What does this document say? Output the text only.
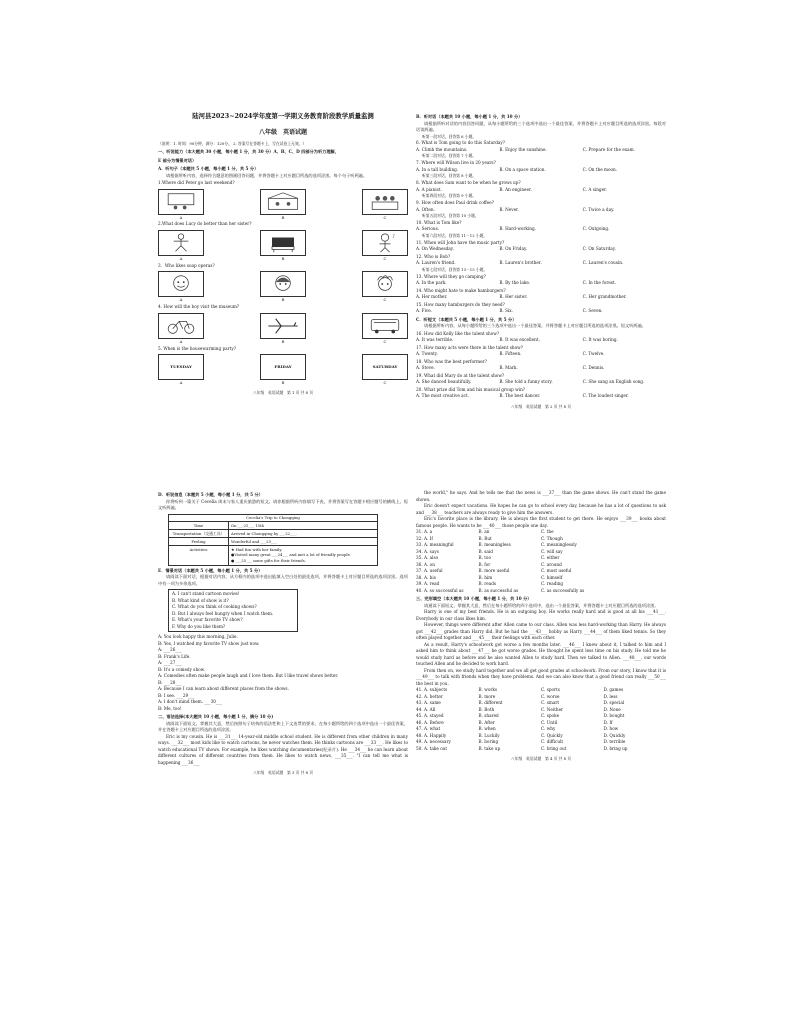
陆河县2023~2024学年度第一学期义务教育阶段教学质量监测
八年级　英语试题
（说明：1. 时间：90分钟，满分：120分。 2. 答案写在答题卡上，写在试卷上无效。）
一、听说能力（本大题共 30 小题，每小题 1 分，共 30 分）A、B、C、D 四部分为听力理解，
E 部分为情景对话）
A．听句子（本题共 5 小题，每小题 1 分，共 5 分）
请根据所听内容，选择符合题意的图画回答问题，并将答题卡上对应题目所选的选项涂黑。每个句子听两遍。
1.Where did Peter go last weekend?
A	B	C
2.What does Lucy do better than her sister?
A	B
♪
C
3．Who likes soap operas?
A	B	C
4. How will the boy visit the museum?
A	B	C
5. When is the housewarming party?
TUESDAY
A
FRIDAY
B
SATURDAY
C
八年级　英语试题　第 1 页 共 8 页
B．听对话（本题共 10 小题，每小题 1 分，共 10 分）
请根据所听对话的内容回答问题，从每小题所给的三个选项中选出一个最佳答案，并将答题卡上对应题目所选的选项涂黑。每段对话读两遍。
听第一段对话，回答第 6 小题。
6. What is Tom going to do this Saturday?
A. Climb the mountains.	B. Enjoy the sunshine.	C. Prepare for the exam.
听第二段对话，回答第 7 小题。
7. Where will Wilson live in 20 years?
A. In a tall building.	B. On a space station.	C. On the moon.
听第三段对话，回答第 8 小题。
8. What does Sam want to be when he grows up?
A. A pianist.	B. An engineer.	C. A singer.
听第四段对话，回答第 9 小题。
9. How often does Paul drink coffee?
A. Often.	B. Never.	C. Twice a day.
听第五段对话，回答第 10 小题。
10. What is Tom like?
A. Serious.	B. Hard-working.	C. Outgoing.
听第六段对话，回答第 11－12 小题。
11. When will John have the music party?
A. On Wednesday.	B. On Friday.	C. On Saturday.
12. Who is Bob?
A. Lauren's friend.	B. Lauren's brother.	C. Lauren's cousin.
听第七段对话，回答第 13－15 小题。
13. Where will they go camping?
A. In the park.	B. By the lake.	C. In the forest.
14. Who might hate to make hamburgers?
A. Her mother.	B. Her sister.	C. Her grandmother.
15. How many hamburgers do they need?
A. Five.	B. Six.	C. Seven.
C．听短文（本题共 5 小题，每小题 1 分，共 5 分）
请根据所听内容，从每小题所给的三个选项中选出一个最佳答案，并将答题卡上对应题目所选的选项涂黑。短文听两遍。
16. How did Kelly like the talent show?
A. It was terrible.	B. It was excellent.	C. It was boring.
17. How many acts were there in the talent show?
A. Twenty.	B. Fifteen.	C. Twelve.
18. Who was the best performer?
A. Steve.	B. Mark.	C. Dennis.
19. What did Mary do at the talent show?
A. She danced beautifully.	B. She told a funny story.	C. She sang an English song.
20. What prize did Tom and his musical group win?
A. The most creative act.	B. The best dancer.	C. The loudest singer.
八年级　英语试题　第 2 页 共 8 页
D．听说信息（本题共 5 小题，每小题 1 分，共 5 分）
你将听到一篇关于 Cecelia 周末与家人重庆旅游的短文。请你根据所听内容填写下表，并将答案写在答题卡相应题号的横线上。短文听两遍。
Cecelia's Trip to Chongqing	
Time	On ___21___ 15th
Transportation（交通工具）	Arrived in Chongqing by ___22___.
Feeling	Wonderful and ___23___
Activities	★ Had fun with her family.
●Visited many great ___24___ and met a lot of friendly people.
● ___25___ some gifts for their friends.
E．情景对话（本题共 5 小题，每小题 1 分，共 5 分）
请阅读下面对话，根据对话内容，从方框内的选项中选出能填入空白处的最佳选项，并将答题卡上对应题目所选的选项涂黑。选项中有一项为多余选项。
A. I can't stand cartoon movies!
B. What kind of show is it?
C. What do you think of cooking shows?
D. But I always feel hungry when I watch them.
E. What's your favorite TV show?
F. Why do you like them?
A: You look happy this morning, Julie.
B: Yes, I watched my favorite TV show just now.
A: ___26___
B: Frank's Life.
A: ___27___
B: It's a comedy show.
A: Comedies often make people laugh and I love them. But I like travel shows better.
B: ___28___
A: Because I can learn about different places from the shows.
B: I see. ___29___
A: I don't mind them. ___30___
B: Me, too!
二、语法选择(本大题共 10 小题，每小题 1 分，满分 10 分)
请阅读下面短文，掌握其大意，然后按照句子结构的语法性和上下文连贯的要求，在每小题所给的四个选项中选出一个最佳答案，并在答题卡上对应题目所选的选项涂黑。
Eric is my cousin. He is ___31___ 14-year-old middle school student. He is different from other children in many ways. ___32___ most kids like to watch cartoons, he never watches them. He thinks cartoons are ___33___. He likes to watch educational TV shows. For example, he likes watching documentaries(纪录片). He ___34___ he can learn about different cultures of different countries from them. He likes to watch news, ___35___. "I can tell me what is happening ___36___
八年级　英语试题　第 3 页 共 8 页
the world," he says. And he tells me that the news is ___37___ than the game shows. He can't stand the game shows.
Eric doesn't expect vacations. He hopes he can go to school every day, because he has a lot of questions to ask and ___38___ teachers are always ready to give him the answers.
Eric's favorite place is the library. He is always the first student to get there. He enjoys ___39___ books about famous people. He wants to be ___40___ those people one day.
31. A. a	B. an	C. the
32. A. If	B. But	C. Though
33. A. meaningful	B. meaningless	C. meaninglessly
34. A. says	B. said	C. will say
35. A. also	B. too	C. either
36. A. on	B. for	C. around
37. A. useful	B. more useful	C. most useful
38. A. his	B. him	C. himself
39. A. read	B. reads	C. reading
40. A. so successful as	B. as successful as	C. as successfully as
三、完形填空（本大题共 10 小题，每小题 1 分，共 10 分）
请通读下面短文，掌握其大意，然后在每小题所给的四个选项中，选出一个最佳答案，并将答题卡上对应题目所选的选项涂黑。
Harry is one of my best friends. He is an outgoing boy. He works really hard and is good at all his ___41___. Everybody in our class likes him.
However, things were different after Allen came to our class. Allen was less hard-working than Harry. He always got ___42___ grades than Harry did. But he had the ___43___ hobby as Harry ___44___ of them liked tennis. So they often played together and ___45___ their feelings with each other.
As a result, Harry's schoolwork got worse a few months later. ___46___ I knew about it, I talked to him and I asked him to think about ___47___ he got worse grades. He thought he spent less time on his study. He told me he would study hard as before and he also wanted Allen to study hard. Then we talked to Allen. ___48___, our words touched Allen and he decided to work hard.
From then on, we study hard together and we all get good grades at schoolwork. From our story, I know that it is ___49___ to talk with friends when they have problems. And we can also know that a good friend can really ___50___ the best in you.
41. A. subjects	B. works	C. sports	D. games
42. A. better	B. more	C. worse	D. less
43. A. same	B. different	C. smart	D. special
44. A. All	B. Both	C. Neither	D. None
45. A. stayed	B. shared	C. spoke	D. bought
46. A. Before	B. After	C. Until	D. If
47. A. what	B. when	C. why	D. how
48. A. Happily	B. Luckily	C. Quickly	D. Quickly
49. A. necessary	B. boring	C. difficult	D. terrible
50. A. take out	B. take up	C. bring out	D. bring up
八年级　英语试题　第 4 页 共 8 页
